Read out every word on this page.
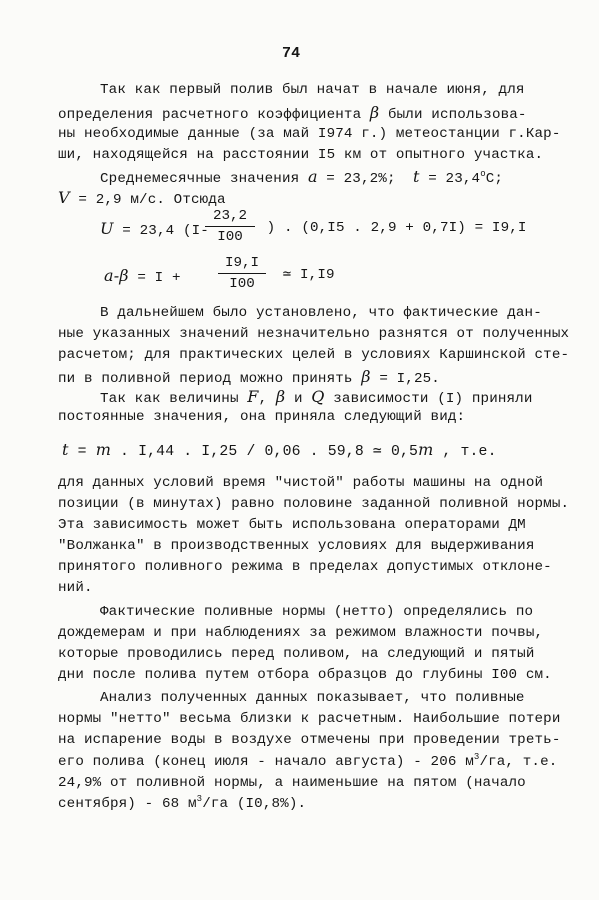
74
Так как первый полив был начат в начале июня, для
определения расчетного коэффициента β были использова-
ны необходимые данные (за май I974 г.) метеостанции г.Кар-
ши, находящейся на расстоянии I5 км от опытного участка.
Среднемесячные значения a = 23,2%;  $t = 23,4^oC$;
V = 2,9 м/с. Отсюда
U = 23,4 (I-
$\frac{23,2}{I00}$ ) . (0,I5 . 2,9 + 0,7I) = I9,I
$a-\beta = I + \frac{I9,I}{I00}$ ≃ I,I9
В дальнейшем было установлено, что фактические дан-
ные указанных значений незначительно разнятся от полученных
расчетом; для практических целей в условиях Каршинской сте-
пи в поливной период можно принять β = I,25.
Так как величины F, β и Q зависимости (I) приняли
постоянные значения, она приняла следующий вид:
t = m . I,44 . I,25 / 0,06 . 59,8 ≃ 0,5m , т.е.
для данных условий время "чистой" работы машины на одной
позиции (в минутах) равно половине заданной поливной нормы.
Эта зависимость может быть использована операторами ДМ
"Волжанка" в производственных условиях для выдерживания
принятого поливного режима в пределах допустимых отклоне-
ний.
Фактические поливные нормы (нетто) определялись по
дождемерам и при наблюдениях за режимом влажности почвы,
которые проводились перед поливом, на следующий и пятый
дни после полива путем отбора образцов до глубины I00 см.
Анализ полученных данных показывает, что поливные
нормы "нетто" весьма близки к расчетным. Наибольшие потери
на испарение воды в воздухе отмечены при проведении треть-
его полива (конец июля - начало августа) - 206 $м^3/га$, т.е.
24,9% от поливной нормы, а наименьшие на пятом (начало
сентября) - 68 $м^3/га$ (I0,8%).
